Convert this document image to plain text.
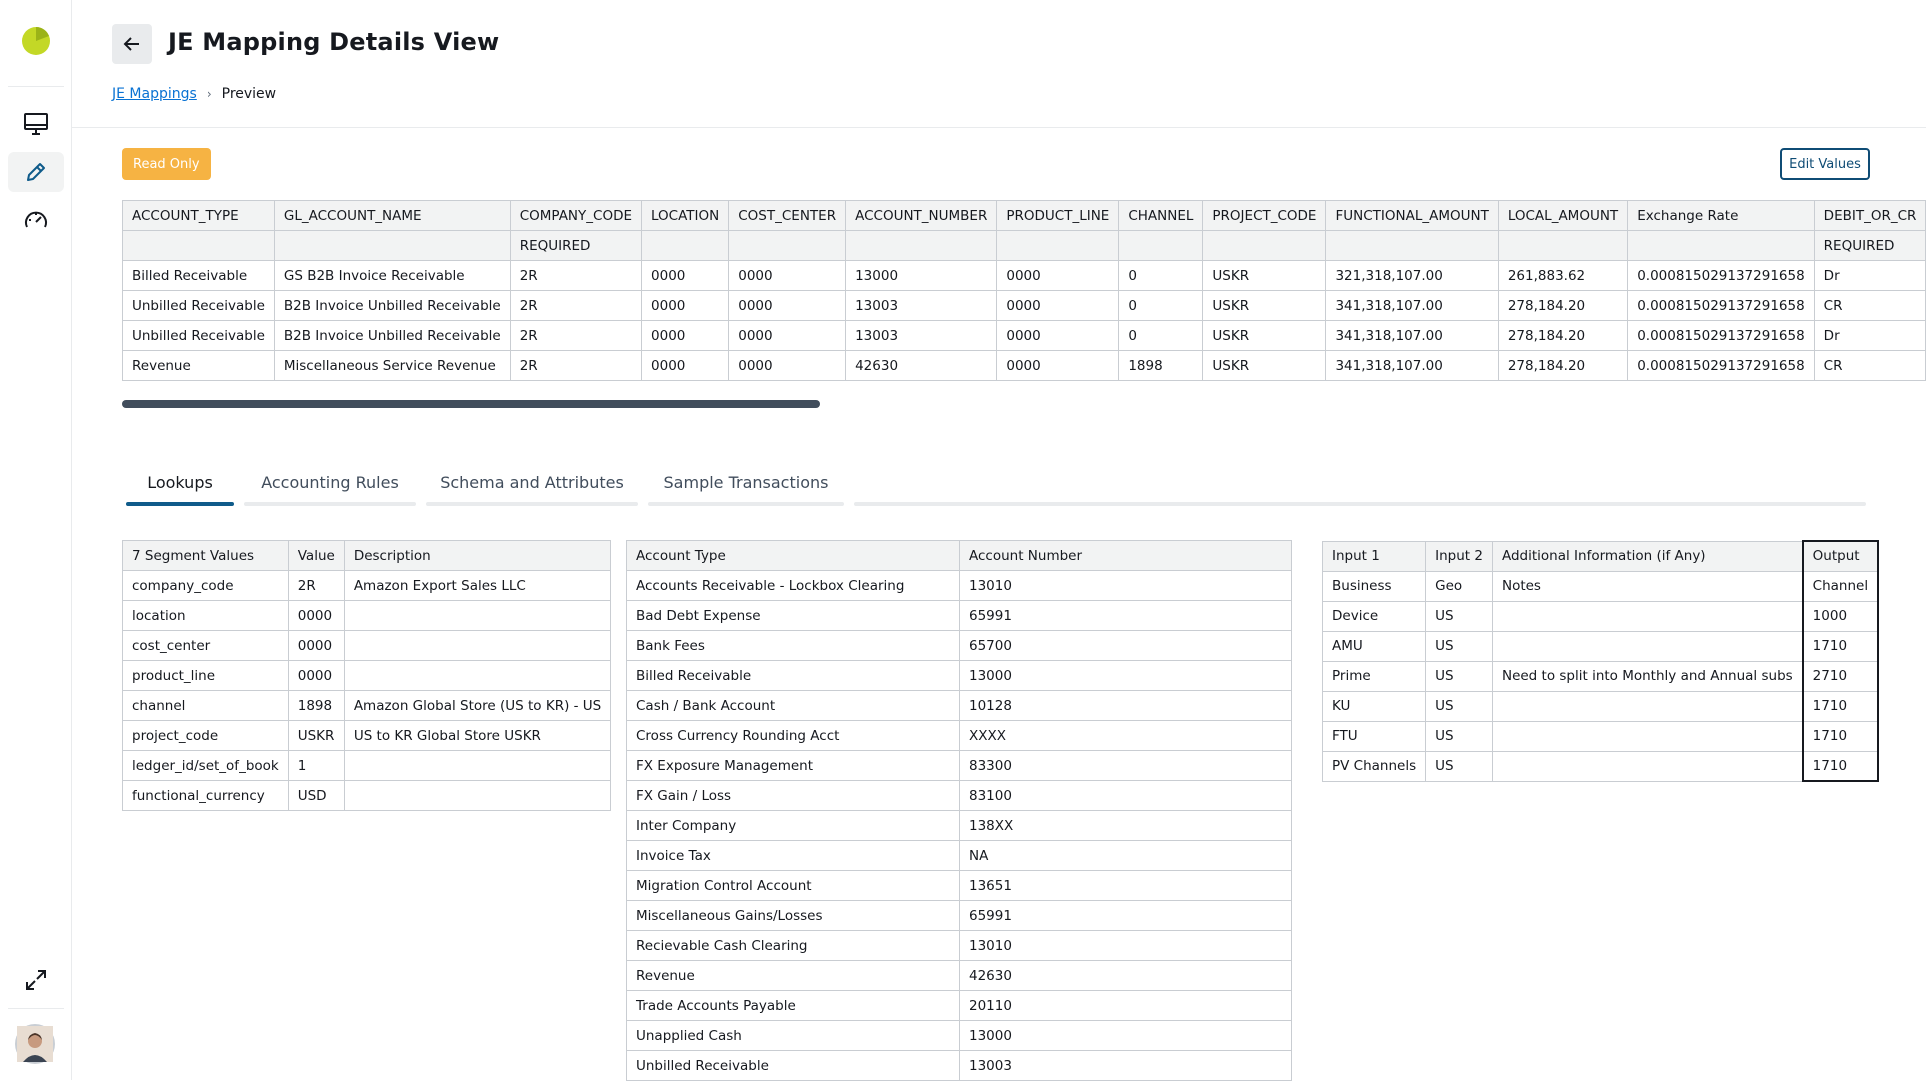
JE Mapping Details View
JE Mappings › Preview
Read Only	Edit Values
ACCOUNT_TYPE	GL_ACCOUNT_NAME	COMPANY_CODE	LOCATION	COST_CENTER	ACCOUNT_NUMBER	PRODUCT_LINE	CHANNEL	PROJECT_CODE	FUNCTIONAL_AMOUNT	LOCAL_AMOUNT	Exchange Rate	DEBIT_OR_CR
		REQUIRED										REQUIRED
Billed Receivable	GS B2B Invoice Receivable	2R	0000	0000	13000	0000	0	USKR	321,318,107.00	261,883.62	0.000815029137291658	Dr
Unbilled Receivable	B2B Invoice Unbilled Receivable	2R	0000	0000	13003	0000	0	USKR	341,318,107.00	278,184.20	0.000815029137291658	CR
Unbilled Receivable	B2B Invoice Unbilled Receivable	2R	0000	0000	13003	0000	0	USKR	341,318,107.00	278,184.20	0.000815029137291658	Dr
Revenue	Miscellaneous Service Revenue	2R	0000	0000	42630	0000	1898	USKR	341,318,107.00	278,184.20	0.000815029137291658	CR
Lookups	Accounting Rules	Schema and Attributes	Sample Transactions
7 Segment Values	Value	Description
company_code	2R	Amazon Export Sales LLC
location	0000	
cost_center	0000	
product_line	0000	
channel	1898	Amazon Global Store (US to KR) - US
project_code	USKR	US to KR Global Store USKR
ledger_id/set_of_book	1	
functional_currency	USD	
Account Type	Account Number
Accounts Receivable - Lockbox Clearing	13010
Bad Debt Expense	65991
Bank Fees	65700
Billed Receivable	13000
Cash / Bank Account	10128
Cross Currency Rounding Acct	XXXX
FX Exposure Management	83300
FX Gain / Loss	83100
Inter Company	138XX
Invoice Tax	NA
Migration Control Account	13651
Miscellaneous Gains/Losses	65991
Recievable Cash Clearing	13010
Revenue	42630
Trade Accounts Payable	20110
Unapplied Cash	13000
Unbilled Receivable	13003
Input 1	Input 2	Additional Information (if Any)	Output
Business	Geo	Notes	Channel
Device	US		1000
AMU	US		1710
Prime	US	Need to split into Monthly and Annual subs	2710
KU	US		1710
FTU	US		1710
PV Channels	US		1710
